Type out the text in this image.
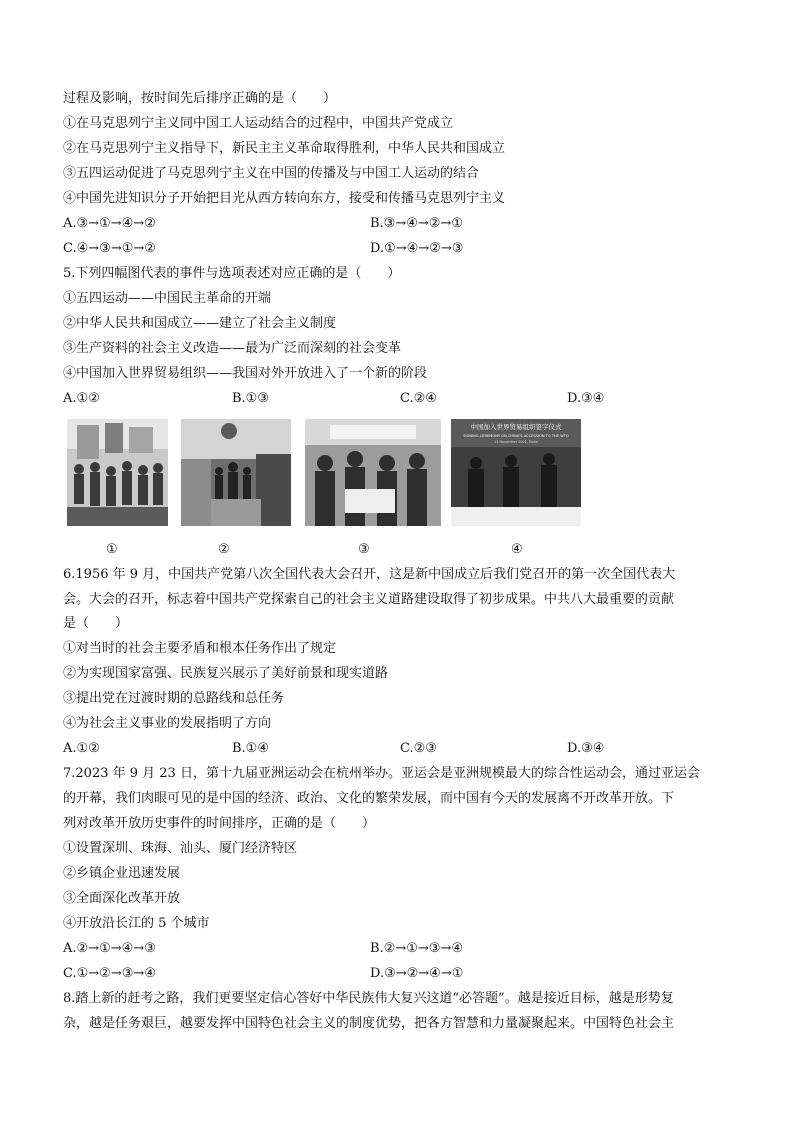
过程及影响，按时间先后排序正确的是（　　）
①在马克思列宁主义同中国工人运动结合的过程中，中国共产党成立
②在马克思列宁主义指导下，新民主主义革命取得胜利，中华人民共和国成立
③五四运动促进了马克思列宁主义在中国的传播及与中国工人运动的结合
④中国先进知识分子开始把目光从西方转向东方，接受和传播马克思列宁主义
A.③→①→④→②	B.③→④→②→①
C.④→③→①→②	D.①→④→②→③
5.下列四幅图代表的事件与选项表述对应正确的是（　　）
①五四运动——中国民主革命的开端
②中华人民共和国成立——建立了社会主义制度
③生产资料的社会主义改造——最为广泛而深刻的社会变革
④中国加入世界贸易组织——我国对外开放进入了一个新的阶段
A.①②	B.①③	C.②④	D.③④
中国加入世界贸易组织签字仪式
SIGNING CEREMONY ON CHINA'S ACCESSION TO THE WTO
11 November 2001, Doha
①	②	③	④
6.1956 年 9 月，中国共产党第八次全国代表大会召开，这是新中国成立后我们党召开的第一次全国代表大
会。大会的召开，标志着中国共产党探索自己的社会主义道路建设取得了初步成果。中共八大最重要的贡献
是（　　）
①对当时的社会主要矛盾和根本任务作出了规定
②为实现国家富强、民族复兴展示了美好前景和现实道路
③提出党在过渡时期的总路线和总任务
④为社会主义事业的发展指明了方向
A.①②	B.①④	C.②③	D.③④
7.2023 年 9 月 23 日，第十九届亚洲运动会在杭州举办。亚运会是亚洲规模最大的综合性运动会，通过亚运会
的开幕，我们肉眼可见的是中国的经济、政治、文化的繁荣发展，而中国有今天的发展离不开改革开放。下
列对改革开放历史事件的时间排序，正确的是（　　）
①设置深圳、珠海、汕头、厦门经济特区
②乡镇企业迅速发展
③全面深化改革开放
④开放沿长江的 5 个城市
A.②→①→④→③	B.②→①→③→④
C.①→②→③→④	D.③→②→④→①
8.踏上新的赶考之路，我们更要坚定信心答好中华民族伟大复兴这道“必答题”。越是接近目标，越是形势复
杂，越是任务艰巨，越要发挥中国特色社会主义的制度优势，把各方智慧和力量凝聚起来。中国特色社会主
